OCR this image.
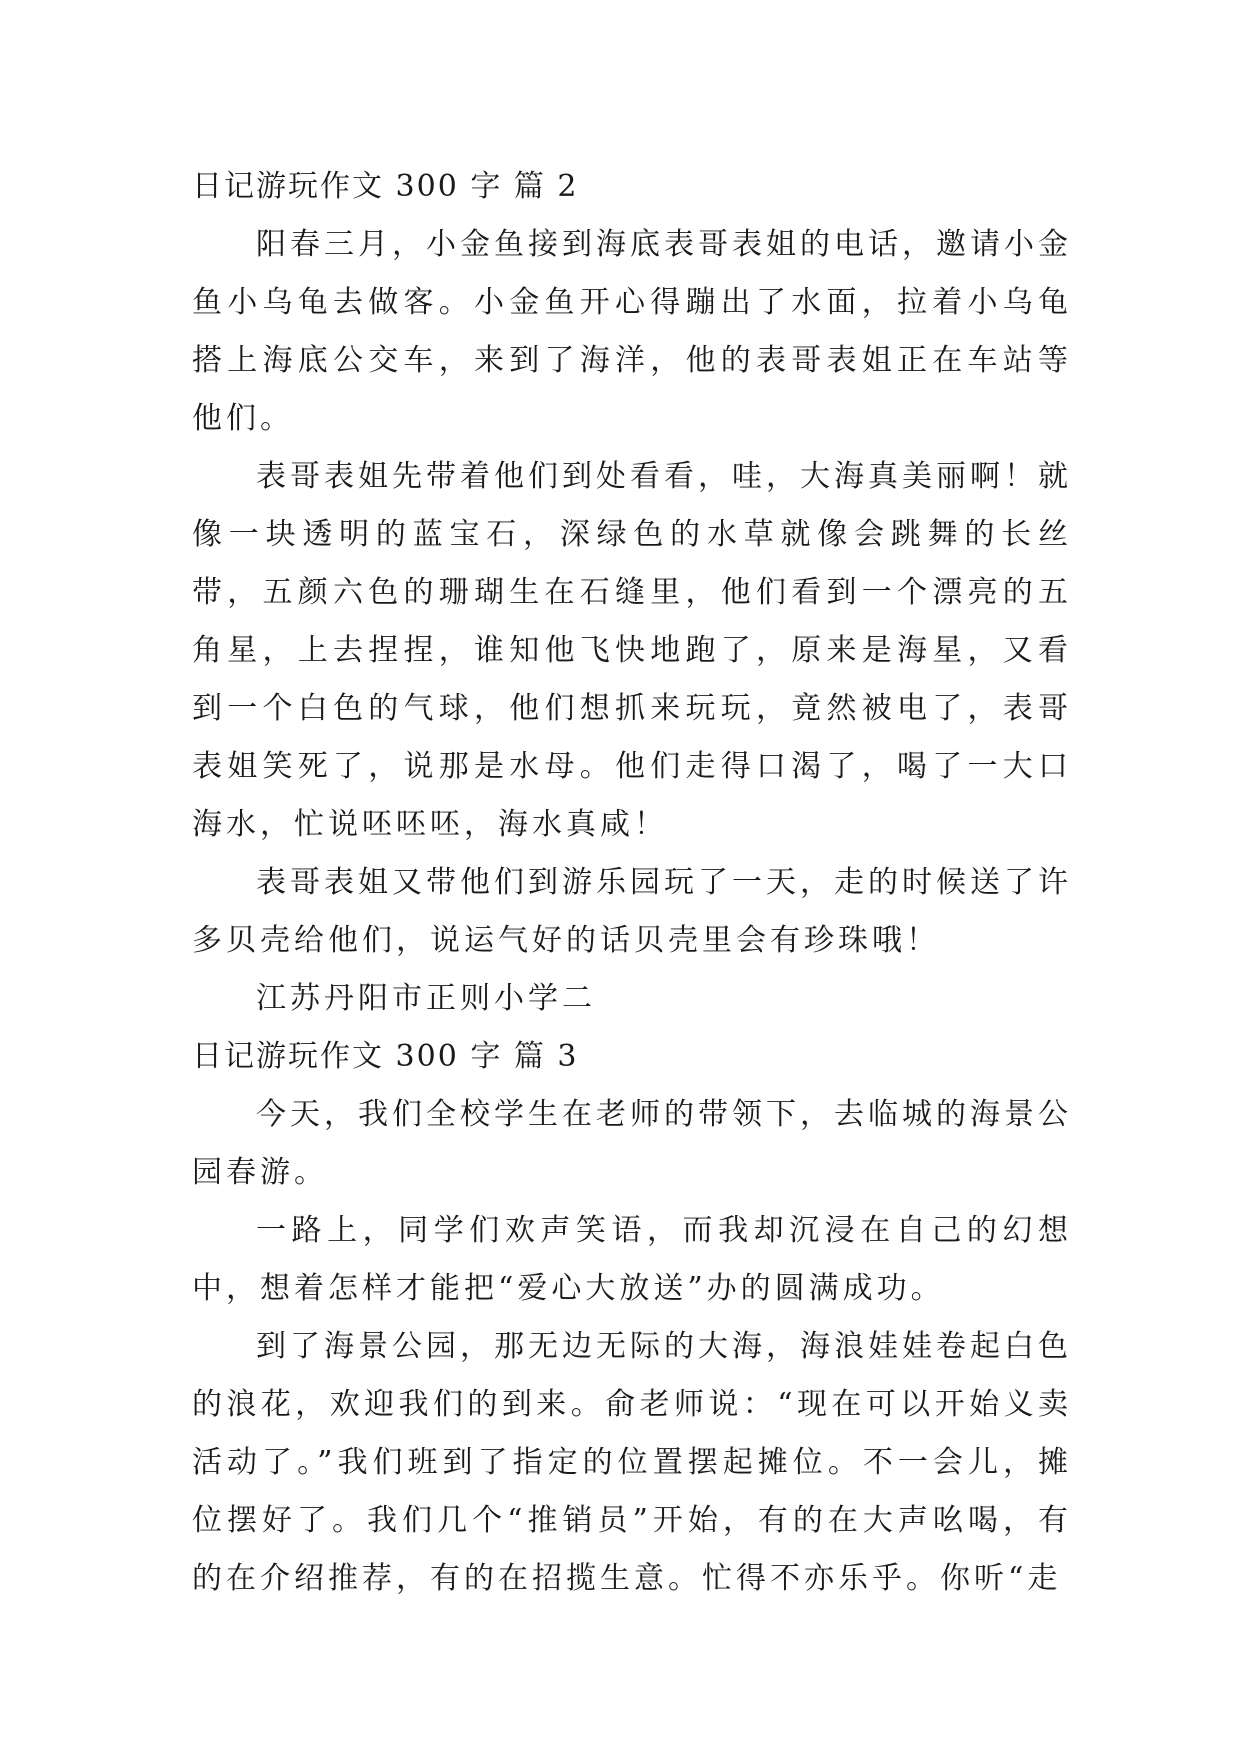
日记游玩作文 300 字 篇 2

阳春三月，小金鱼接到海底表哥表姐的电话，邀请小金鱼小乌龟去做客。小金鱼开心得蹦出了水面，拉着小乌龟搭上海底公交车，来到了海洋，他的表哥表姐正在车站等他们。

表哥表姐先带着他们到处看看，哇，大海真美丽啊！就像一块透明的蓝宝石，深绿色的水草就像会跳舞的长丝带，五颜六色的珊瑚生在石缝里，他们看到一个漂亮的五角星，上去捏捏，谁知他飞快地跑了，原来是海星，又看到一个白色的气球，他们想抓来玩玩，竟然被电了，表哥表姐笑死了，说那是水母。他们走得口渴了，喝了一大口海水，忙说呸呸呸，海水真咸！

表哥表姐又带他们到游乐园玩了一天，走的时候送了许多贝壳给他们，说运气好的话贝壳里会有珍珠哦！

江苏丹阳市正则小学二

日记游玩作文 300 字 篇 3

今天，我们全校学生在老师的带领下，去临城的海景公园春游。

一路上，同学们欢声笑语，而我却沉浸在自己的幻想中，想着怎样才能把“爱心大放送”办的圆满成功。

到了海景公园，那无边无际的大海，海浪娃娃卷起白色的浪花，欢迎我们的到来。俞老师说：“现在可以开始义卖活动了。”我们班到了指定的位置摆起摊位。不一会儿，摊位摆好了。我们几个“推销员”开始，有的在大声吆喝，有的在介绍推荐，有的在招揽生意。忙得不亦乐乎。你听“走
